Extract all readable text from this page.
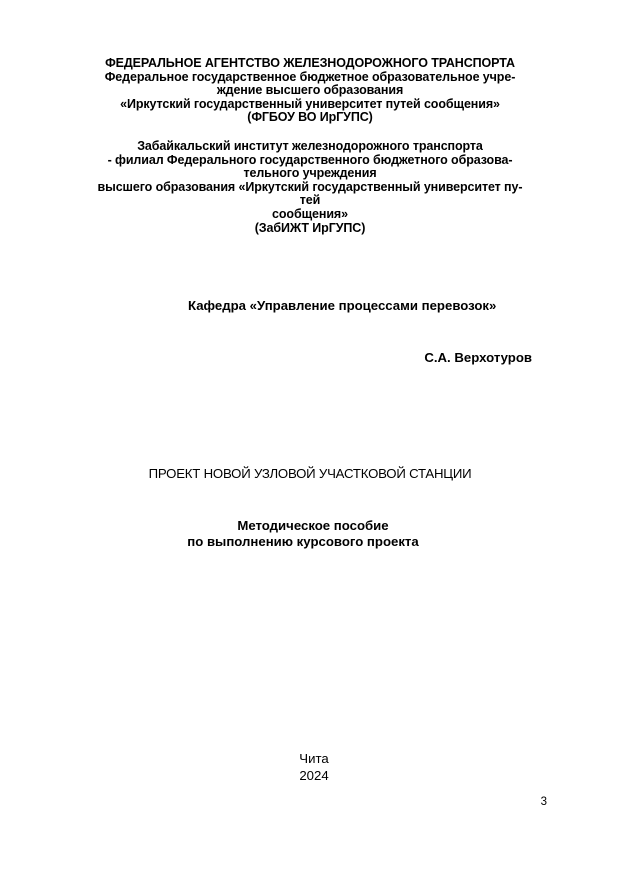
ФЕДЕРАЛЬНОЕ АГЕНТСТВО ЖЕЛЕЗНОДОРОЖНОГО ТРАНСПОРТА
Федеральное государственное бюджетное образовательное учре-
ждение высшего образования
«Иркутский государственный университет путей сообщения»
(ФГБОУ ВО ИрГУПС)
Забайкальский институт железнодорожного транспорта
- филиал Федерального государственного бюджетного образова-
тельного учреждения
высшего образования «Иркутский государственный университет пу-
тей
сообщения»
(ЗабИЖТ ИрГУПС)
Кафедра «Управление процессами перевозок»
С.А. Верхотуров
ПРОЕКТ НОВОЙ УЗЛОВОЙ УЧАСТКОВОЙ СТАНЦИИ
Методическое пособие
по выполнению курсового проекта
Чита
2024
3
